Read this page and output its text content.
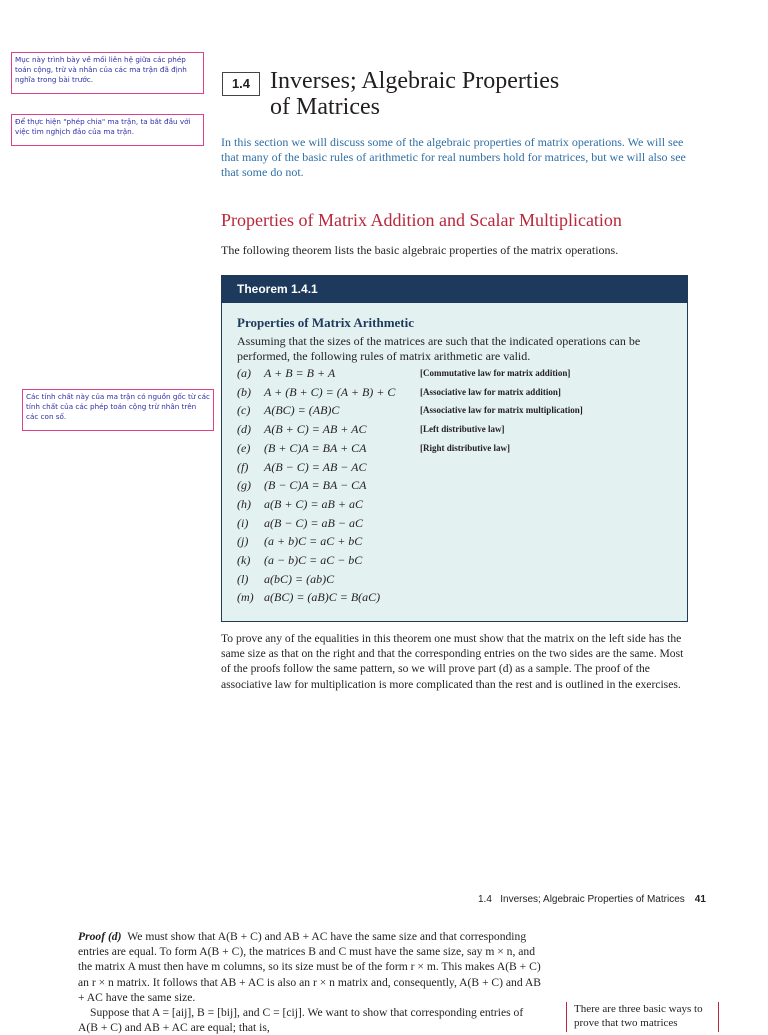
Mục này trình bày về mối liên hệ giữa các phép toán cộng, trừ và nhân của các ma trận đã định nghĩa trong bài trước.
Để thực hiện "phép chia" ma trận, ta bắt đầu với việc tìm nghịch đảo của ma trận.
Các tính chất này của ma trận có nguồn gốc từ các tính chất của các phép toán cộng trừ nhân trên các con số.
1.4 Inverses; Algebraic Properties
of Matrices
In this section we will discuss some of the algebraic properties of matrix operations. We will see that many of the basic rules of arithmetic for real numbers hold for matrices, but we will also see that some do not.
Properties of Matrix Addition and Scalar Multiplication
The following theorem lists the basic algebraic properties of the matrix operations.
Theorem 1.4.1
Properties of Matrix Arithmetic
Assuming that the sizes of the matrices are such that the indicated operations can be performed, the following rules of matrix arithmetic are valid.
(a) A + B = B + A	[Commutative law for matrix addition]
(b) A + (B + C) = (A + B) + C	[Associative law for matrix addition]
(c) A(BC) = (AB)C	[Associative law for matrix multiplication]
(d) A(B + C) = AB + AC	[Left distributive law]
(e) (B + C)A = BA + CA	[Right distributive law]
(f) A(B − C) = AB − AC
(g) (B − C)A = BA − CA
(h) a(B + C) = aB + aC
(i) a(B − C) = aB − aC
(j) (a + b)C = aC + bC
(k) (a − b)C = aC − bC
(l) a(bC) = (ab)C
(m) a(BC) = (aB)C = B(aC)
To prove any of the equalities in this theorem one must show that the matrix on the left side has the same size as that on the right and that the corresponding entries on the two sides are the same. Most of the proofs follow the same pattern, so we will prove part (d) as a sample. The proof of the associative law for multiplication is more complicated than the rest and is outlined in the exercises.
1.4   Inverses; Algebraic Properties of Matrices 41
Proof (d) We must show that A(B + C) and AB + AC have the same size and that corresponding entries are equal. To form A(B + C), the matrices B and C must have the same size, say m × n, and the matrix A must then have m columns, so its size must be of the form r × m. This makes A(B + C) an r × n matrix. It follows that AB + AC is also an r × n matrix and, consequently, A(B + C) and AB + AC have the same size.
Suppose that A = [aij], B = [bij], and C = [cij]. We want to show that corresponding entries of A(B + C) and AB + AC are equal; that is,
There are three basic ways to prove that two matrices
